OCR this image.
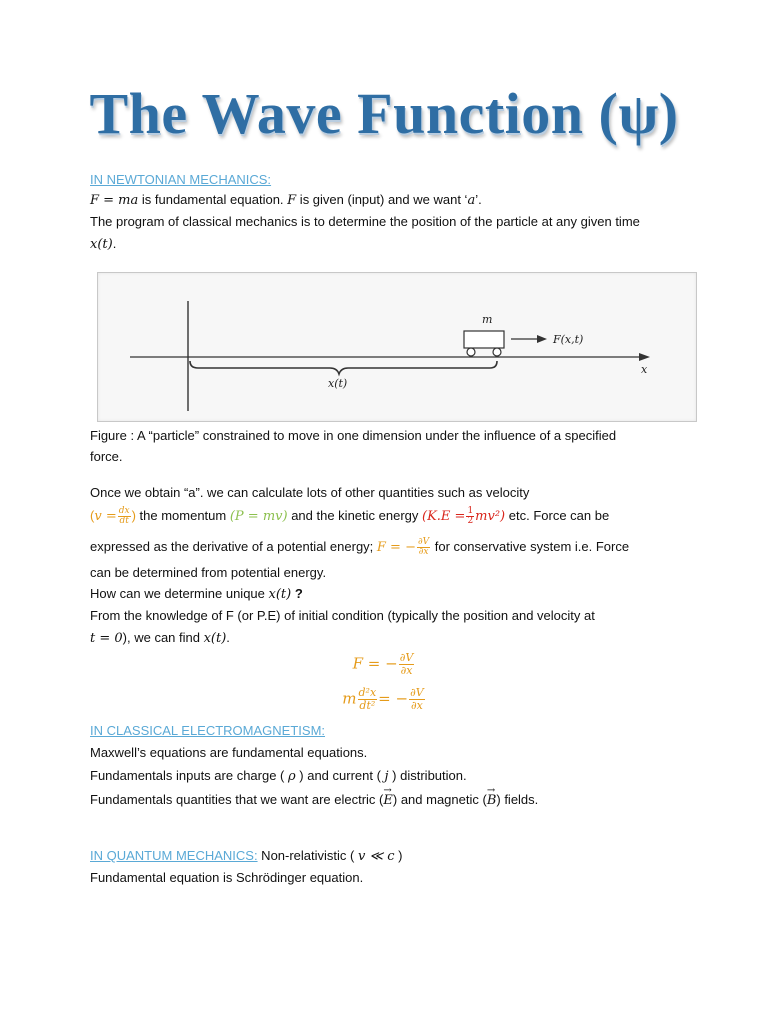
The Wave Function (ψ)
IN NEWTONIAN MECHANICS:
F = ma is fundamental equation. F is given (input) and we want ‘a’.
The program of classical mechanics is to determine the position of the particle at any given time
x(t).
x
x(t)
m
F(x,t)
Figure : A “particle” constrained to move in one dimension under the influence of a specified
force.
Once we obtain “a”. we can calculate lots of other quantities such as velocity
($v = \frac{dx}{dt}$ ) the momentum (P = mv) and the kinetic energy $(K.E = \frac{1}{2} mv^2)$ etc. Force can be
expressed as the derivative of a potential energy; F = − $\frac{\partial V}{\partial x}$ for conservative system i.e. Force
can be determined from potential energy.
How can we determine unique x(t) ?
From the knowledge of F (or P.E) of initial condition (typically the position and velocity at
t = 0), we can find x(t).
F = − $\frac{\partial V}{\partial x}$
m $\frac{\text{d²x}}{\text{dt²}}$ = − $\frac{\partial V}{\partial x}$
IN CLASSICAL ELECTROMAGNETISM:
Maxwell’s equations are fundamental equations.
Fundamentals inputs are charge ( ρ ) and current ( j ) distribution.
Fundamentals quantities that we want are electric (→ E) and magnetic (→ B) fields.
IN QUANTUM MECHANICS: Non-relativistic ( v ≪ c )
Fundamental equation is Schrödinger equation.
